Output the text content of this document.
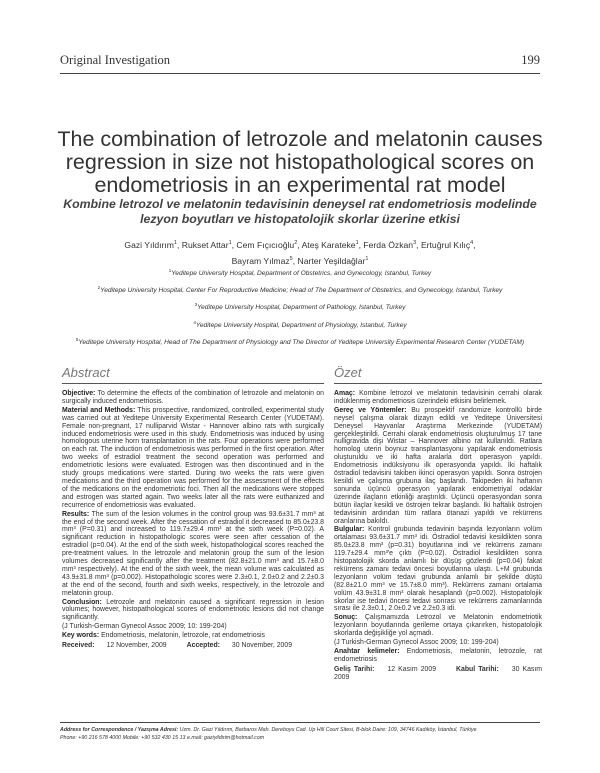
Original Investigation	199
The combination of letrozole and melatonin causes regression in size not histopathological scores on endometriosis in an experimental rat model
Kombine letrozol ve melatonin tedavisinin deneysel rat endometriosis modelinde lezyon boyutları ve histopatolojik skorlar üzerine etkisi
Gazi Yıldırım$^1$, Rukset Attar$^1$, Cem Fıçıcıoğlu$^2$, Ateş Karateke$^1$, Ferda Özkan$^3$, Ertuğrul Kılıç$^4$,
Bayram Yılmaz$^5$, Narter Yeşildağlar$^1$
$^1$Yeditepe University Hospital, Department of Obstetrics, and Gynecology, Istanbul, Turkey
$^2$Yeditepe University Hospital, Center For Reproductive Medicine; Head of The Department of Obstetrics, and Gynecology, Istanbul, Turkey
$^3$Yeditepe University Hospital, Department of Pathology, Istanbul, Turkey
$^4$Yeditepe University Hospital, Department of Physiology, Istanbul, Turkey
$^5$Yeditepe University Hospital, Head of The Department of Physiology and The Director of Yeditepe University Experimental Research Center (YUDETAM)
Abstract	Özet

Objective: To determine the effects of the combination of letrozole and melatonin on surgically induced endometriosis.

Material and Methods: This prospective, randomized, controlled, experimental study was carried out at Yeditepe University Experimental Research Center (YUDETAM). Female non-pregnant, 17 nulliparvid Wistar - Hannover albino rats with surgically induced endometriosis were used in this study. Endometriosis was induced by using homologous uterine horn transplantation in the rats. Four operations were performed on each rat. The induction of endometriosis was performed in the first operation. After two weeks of estradiol treatment the second operation was performed and endometriotic lesions were evaluated. Estrogen was then discontinued and in the study groups medications were started. During two weeks the rats were given medications and the third operation was performed for the assessment of the effects of the medications on the endometriotic foci. Then all the medications were stopped and estrogen was started again. Two weeks later all the rats were euthanized and recurrence of endometriosis was evaluated.

Results: The sum of the lesion volumes in the control group was 93.6±31.7 mm³ at the end of the second week. After the cessation of estradiol it decreased to 85.0±23.8 mm³ (P=0.31) and increased to 119.7±29.4 mm³ at the sixth week (P=0.02). A significant reduction in histopathologic scores were seen after cessation of the estradiol (p=0.04). At the end of the sixth week, histopathological scores reached the pre-treatment values. In the letrozole and melatonin group the sum of the lesion volumes decreased significantly after the treatment (82.8±21.0 mm³ and 15.7±8.0 mm³ respectively). At the end of the sixth week, the mean volume was calculated as 43.9±31.8 mm³ (p=0.002). Histopathologic scores were 2.3±0.1, 2.0±0.2 and 2.2±0.3 at the end of the second, fourth and sixth weeks, respectively, in the letrozole and melatonin group.

Conclusion: Letrozole and melatonin caused a significant regression in lesion volumes; however, histopathological scores of endometriotic lesions did not change significantly.

(J Turkish-German Gynecol Assoc 2009; 10: 199-204)

Key words: Endometriosis, melatonin, letrozole, rat endometriosis

Received: 12 November, 2009	Accepted: 30 November, 2009

Amaç: Kombine letrozol ve melatonin tedavisinin cerrahi olarak indüklenmiş endometriosis üzerindeki etkisini belirlemek.

Gereç ve Yöntemler: Bu prospektif randomize kontrollü birde neysel çalışma olarak dizayn edildi ve Yeditepe Üniversitesi Deneysel Hayvanlar Araştırma Merkezinde (YUDETAM) gerçekleştirildi. Cerrahi olarak endometriosis oluşturulmuş 17 tane nulligravida dişi Wistar – Hannover albino rat kullanıldı. Ratlara homolog uterin boynuz transplantasyonu yapılarak endometriosis oluşturuldu ve iki hafta aralarla dört operasyon yapıldı. Endometriosis indüksiyonu ilk operasyonda yapıldı. İki haftalık östradiol tedavisini takiben ikinci operasyon yapıldı. Sonra östrojen kesildi ve çalışma grubuna ilaç başlandı. Takipeden iki haftanın sonunda üçüncü operasyon yapılarak endometriyal odaklar üzerinde ilaçların etkinliği araştırıldı. Üçüncü operasyondan sonra bütün ilaçlar kesildi ve östrojen tekrar başlandı. İki haftalık östrojen tedavisinin ardından tüm ratlara ötanazi yapıldı ve rekürrens oranlarına bakıldı.

Bulgular: Kontrol grubunda tedavinin başında lezyonların volüm ortalaması 93.6±31.7 mm³ idi. Östradiol tedavisi kesildikten sonra 85.0±23.8 mm³ (p=0.31) boyutlarına indi ve rekürrens zamanı 119.7±29.4 mm³'e çıktı (P=0.02). Östradiol kesildikten sonra histopatolojik skorda anlamlı bir düşüş gözlendi (p=0.04) fakat rekürrens zamanı tedavi öncesi boyutlarına ulaştı. L+M grubunda lezyonların volüm tedavi grubunda anlamlı bir şekilde düştü (82.8±21.0 mm³ ve 15.7±8.0 mm³). Rekürrens zamanı ortalama volüm 43.9±31.8 mm³ olarak hesaplandı (p=0.002). Histopatolojik skorlar ise tedavi öncesi tedavi sonrası ve rekürrens zamanlarında sırası ile 2.3±0.1, 2.0±0.2 ve 2.2±0.3 idi.

Sonuç: Çalışmamızda Letrozol ve Melatonin endometriotik lezyonların boyutlarında gerileme ortaya çıkarırken, histopatolojik skorlarda değişikliğe yol açmadı.

(J Turkish-German Gynecol Assoc 2009; 10: 199-204)

Anahtar kelimeler: Endometriosis, melatonin, letrozole, rat endometriosis

Geliş Tarihi: 12 Kasım 2009	Kabul Tarihi: 30 Kasım 2009

Address for Correspondence / Yazışma Adresi: Uzm. Dr. Gazi Yıldırım, Barbaros Mah. Dereboyu Cad. Up Hill Court Sitesi, B-blok Daire: 109, 34746 Kadıköy, İstanbul, Türkiye
Phone: +90 216 578 4000 Mobile: +90 532 430 15 13 e.mail: gaziyildirim@hotmail.com
